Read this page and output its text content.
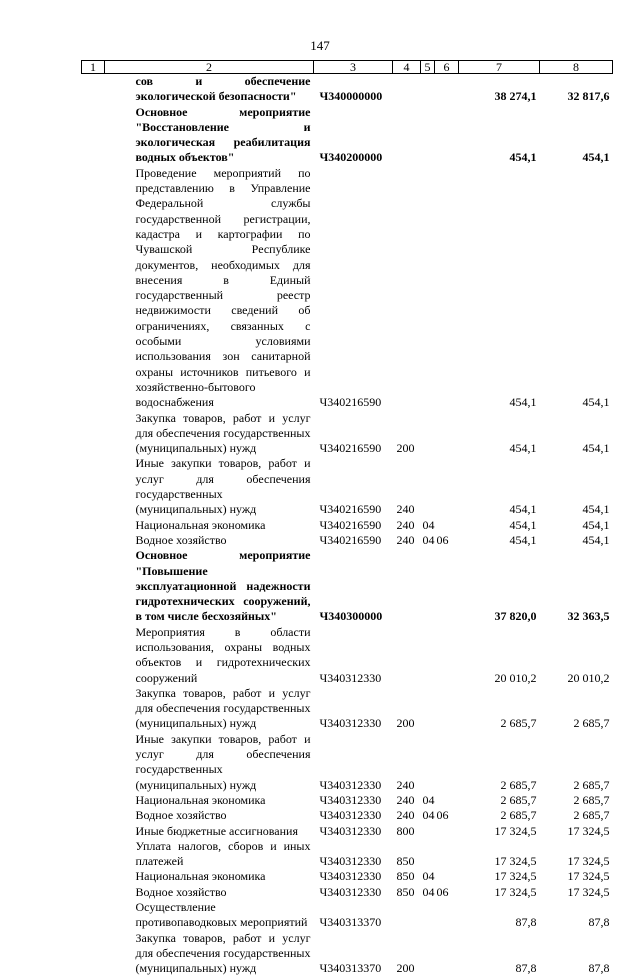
147
1	2	3	4	5	6	7	8
	сов и обеспечение экологической безопасности"	Ч340000000				38 274,1	32 817,6
	Основное мероприятие "Восстановление и экологическая реабилитация водных объектов"	Ч340200000				454,1	454,1
	Проведение мероприятий по представлению в Управление Федеральной службы государственной регистрации, кадастра и картографии по Чувашской Республике документов, необходимых для внесения в Единый государственный реестр недвижимости сведений об ограничениях, связанных с особыми условиями использования зон санитарной охраны источников питьевого и хозяйственно-бытового водоснабжения	Ч340216590				454,1	454,1
	Закупка товаров, работ и услуг для обеспечения государственных (муниципальных) нужд	Ч340216590	200			454,1	454,1
	Иные закупки товаров, работ и услуг для обеспечения государственных (муниципальных) нужд	Ч340216590	240			454,1	454,1
	Национальная экономика	Ч340216590	240	04		454,1	454,1
	Водное хозяйство	Ч340216590	240	04	06	454,1	454,1
	Основное мероприятие "Повышение эксплуатационной надежности гидротехнических сооружений, в том числе бесхозяйных"	Ч340300000				37 820,0	32 363,5
	Мероприятия в области использования, охраны водных объектов и гидротехнических сооружений	Ч340312330				20 010,2	20 010,2
	Закупка товаров, работ и услуг для обеспечения государственных (муниципальных) нужд	Ч340312330	200			2 685,7	2 685,7
	Иные закупки товаров, работ и услуг для обеспечения государственных (муниципальных) нужд	Ч340312330	240			2 685,7	2 685,7
	Национальная экономика	Ч340312330	240	04		2 685,7	2 685,7
	Водное хозяйство	Ч340312330	240	04	06	2 685,7	2 685,7
	Иные бюджетные ассигнования	Ч340312330	800			17 324,5	17 324,5
	Уплата налогов, сборов и иных платежей	Ч340312330	850			17 324,5	17 324,5
	Национальная экономика	Ч340312330	850	04		17 324,5	17 324,5
	Водное хозяйство	Ч340312330	850	04	06	17 324,5	17 324,5
	Осуществление противопаводковых мероприятий	Ч340313370				87,8	87,8
	Закупка товаров, работ и услуг для обеспечения государственных (муниципальных) нужд	Ч340313370	200			87,8	87,8
